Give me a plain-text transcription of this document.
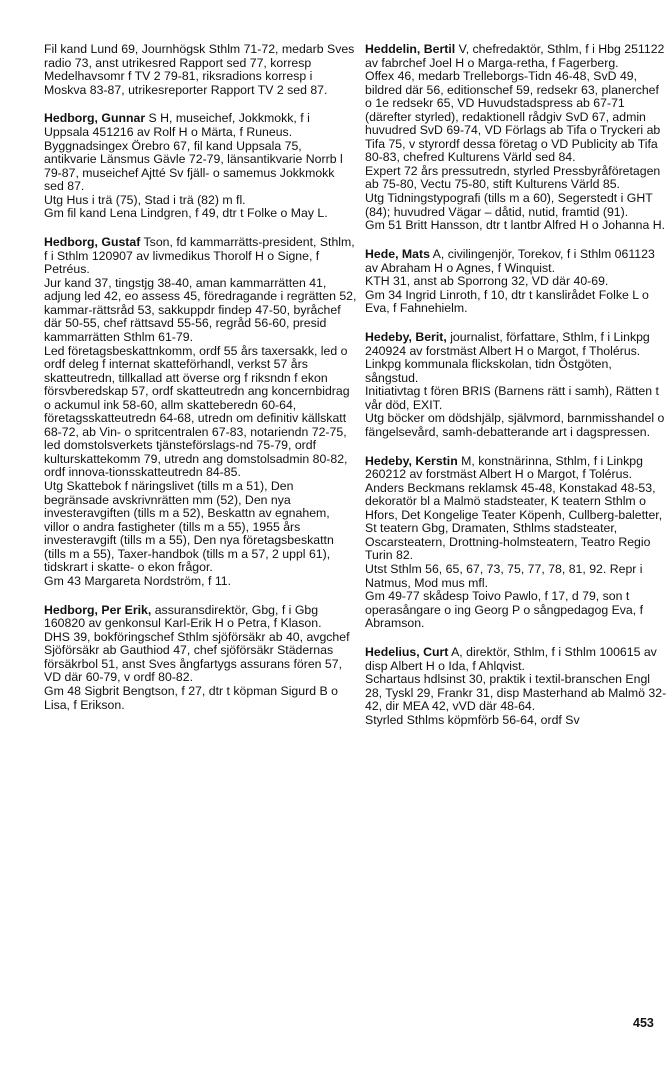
Fil kand Lund 69, Journhögsk Sthlm 71-72, medarb Sves radio 73, anst utrikesred Rapport sed 77, korresp Medelhavsomr f TV 2 79-81, riksradions korresp i Moskva 83-87, utrikesreporter Rapport TV 2 sed 87.

Hedborg, Gunnar S H, museichef, Jokkmokk, f i Uppsala 451216 av Rolf H o Märta, f Runeus.

Byggnadsingex Örebro 67, fil kand Uppsala 75, antikvarie Länsmus Gävle 72-79, länsantikvarie Norrb l 79-87, museichef Ajtté Sv fjäll- o samemus Jokkmokk sed 87.

Utg Hus i trä (75), Stad i trä (82) m fl.

Gm fil kand Lena Lindgren, f 49, dtr t Folke o May L.

Hedborg, Gustaf Tson, fd kammarrätts-president, Sthlm, f i Sthlm 120907 av livmedikus Thorolf H o Signe, f Petréus.

Jur kand 37, tingstjg 38-40, aman kammarrätten 41, adjung led 42, eo assess 45, föredragande i regrätten 52, kammar-rättsråd 53, sakkuppdr findep 47-50, byråchef där 50-55, chef rättsavd 55-56, regråd 56-60, presid kammarrätten Sthlm 61-79.

Led företagsbeskattnkomm, ordf 55 års taxersakk, led o ordf deleg f internat skatteförhandl, verkst 57 års skatteutredn, tillkallad att överse org f riksndn f ekon försvberedskap 57, ordf skatteutredn ang koncernbidrag o ackumul ink 58-60, allm skatteberedn 60-64, företagsskatteutredn 64-68, utredn om definitiv källskatt 68-72, ab Vin- o spritcentralen 67-83, notariendn 72-75, led domstolsverkets tjänsteförslags-nd 75-79, ordf kulturskattekomm 79, utredn ang domstolsadmin 80-82, ordf innova-tionsskatteutredn 84-85.

Utg Skattebok f näringslivet (tills m a 51), Den begränsade avskrivnrätten mm (52), Den nya investeravgiften (tills m a 52), Beskattn av egnahem, villor o andra fastigheter (tills m a 55), 1955 års investeravgift (tills m a 55), Den nya företagsbeskattn (tills m a 55), Taxer-handbok (tills m a 57, 2 uppl 61), tidskrart i skatte- o ekon frågor.

Gm 43 Margareta Nordström, f 11.

Hedborg, Per Erik, assuransdirektör, Gbg, f i Gbg 160820 av genkonsul Karl-Erik H o Petra, f Klason.

DHS 39, bokföringschef Sthlm sjöförsäkr ab 40, avgchef Sjöförsäkr ab Gauthiod 47, chef sjöförsäkr Städernas försäkrbol 51, anst Sves ångfartygs assurans fören 57, VD där 60-79, v ordf 80-82.

Gm 48 Sigbrit Bengtson, f 27, dtr t köpman Sigurd B o Lisa, f Erikson.

Heddelin, Bertil V, chefredaktör, Sthlm, f i Hbg 251122 av fabrchef Joel H o Marga-retha, f Fagerberg.

Offex 46, medarb Trelleborgs-Tidn 46-48, SvD 49, bildred där 56, editionschef 59, redsekr 63, planerchef o 1e redsekr 65, VD Huvudstadspress ab 67-71 (därefter styrled), redaktionell rådgiv SvD 67, admin huvudred SvD 69-74, VD Förlags ab Tifa o Tryckeri ab Tifa 75, v styrordf dessa företag o VD Publicity ab Tifa 80-83, chefred Kulturens Värld sed 84.

Expert 72 års pressutredn, styrled Pressbyråföretagen ab 75-80, Vectu 75-80, stift Kulturens Värld 85.

Utg Tidningstypografi (tills m a 60), Segerstedt i GHT (84); huvudred Vägar – dåtid, nutid, framtid (91).

Gm 51 Britt Hansson, dtr t lantbr Alfred H o Johanna H.

Hede, Mats A, civilingenjör, Torekov, f i Sthlm 061123 av Abraham H o Agnes, f Winquist.

KTH 31, anst ab Sporrong 32, VD där 40-69.

Gm 34 Ingrid Linroth, f 10, dtr t kanslirådet Folke L o Eva, f Fahnehielm.

Hedeby, Berit, journalist, författare, Sthlm, f i Linkpg 240924 av forstmäst Albert H o Margot, f Tholérus.

Linkpg kommunala flickskolan, tidn Östgöten, sångstud.

Initiativtag t fören BRIS (Barnens rätt i samh), Rätten t vår död, EXIT.

Utg böcker om dödshjälp, självmord, barnmisshandel o fängelsevård, samh-debatterande art i dagspressen.

Hedeby, Kerstin M, konstnärinna, Sthlm, f i Linkpg 260212 av forstmäst Albert H o Margot, f Tolérus.

Anders Beckmans reklamsk 45-48, Konstakad 48-53, dekoratör bl a Malmö stadsteater, K teatern Sthlm o Hfors, Det Kongelige Teater Köpenh, Cullberg-baletter, St teatern Gbg, Dramaten, Sthlms stadsteater, Oscarsteatern, Drottning-holmsteatern, Teatro Regio Turin 82.

Utst Sthlm 56, 65, 67, 73, 75, 77, 78, 81, 92. Repr i Natmus, Mod mus mfl.

Gm 49-77 skådesp Toivo Pawlo, f 17, d 79, son t operasångare o ing Georg P o sångpedagog Eva, f Abramson.

Hedelius, Curt A, direktör, Sthlm, f i Sthlm 100615 av disp Albert H o Ida, f Ahlqvist.

Schartaus hdlsinst 30, praktik i textil-branschen Engl 28, Tyskl 29, Frankr 31, disp Masterhand ab Malmö 32-42, dir MEA 42, vVD där 48-64.

Styrled Sthlms köpmförb 56-64, ordf Sv

453
